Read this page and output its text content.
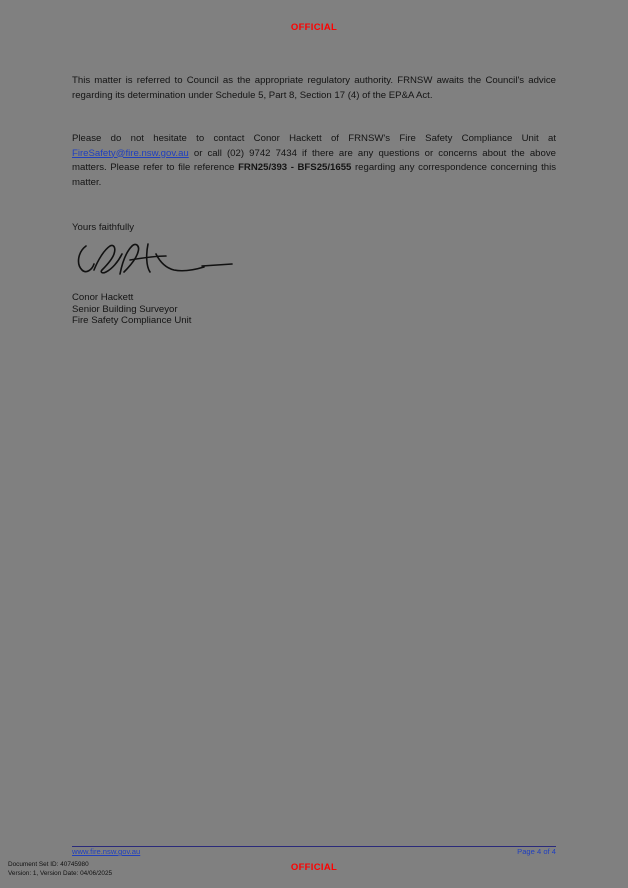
OFFICIAL
This matter is referred to Council as the appropriate regulatory authority. FRNSW awaits the Council's advice regarding its determination under Schedule 5, Part 8, Section 17 (4) of the EP&A Act.
Please do not hesitate to contact Conor Hackett of FRNSW's Fire Safety Compliance Unit at FireSafety@fire.nsw.gov.au or call (02) 9742 7434 if there are any questions or concerns about the above matters. Please refer to file reference FRN25/393 - BFS25/1655 regarding any correspondence concerning this matter.
Yours faithfully
Conor Hackett
Senior Building Surveyor
Fire Safety Compliance Unit
www.fire.nsw.gov.au	Page 4 of 4
OFFICIAL
Document Set ID: 40745980
Version: 1, Version Date: 04/06/2025
